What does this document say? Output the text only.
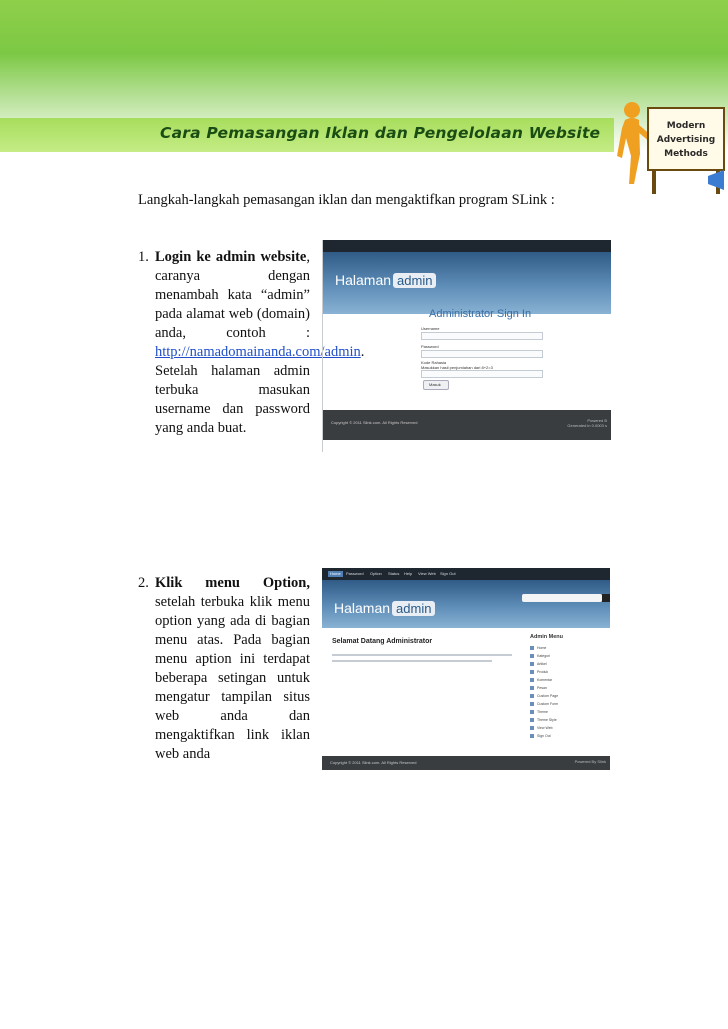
Cara Pemasangan Iklan dan Pengelolaan Website	Modern
Advertising
Methods
Langkah-langkah pemasangan iklan dan mengaktifkan program SLink :
1. Login ke admin website, caranya dengan menambah kata “admin” pada alamat web (domain) anda, contoh : http://namadomainanda.com/admin. Setelah halaman admin terbuka masukan username dan password yang anda buat.
Halaman admin
Administrator Sign In
Username
Password
Kode Rahasia
Masukkan hasil penjumlahan dari 8+2=3
Masuk
Copyright © 2011 Slink.com. All Rights Reserved	Powered B
Generated in 0.0003 s
2. Klik menu Option, setelah terbuka klik menu option yang ada di bagian menu atas. Pada bagian menu aption ini terdapat beberapa setingan untuk mengatur tampilan situs web anda dan mengaktifkan link iklan web anda
Home	Password	Option	Status	Help	View Web	Sign Out
Halaman admin
Selamat Datang Administrator
Admin Menu
Home
Kategori
Artikel
Produk
Komentar
Pesan
Custom Page
Custom Form
Theme
Theme Style
View Web
Sign Out
Copyright © 2011 Slink.com. All Rights Reserved	Powered By Slink
